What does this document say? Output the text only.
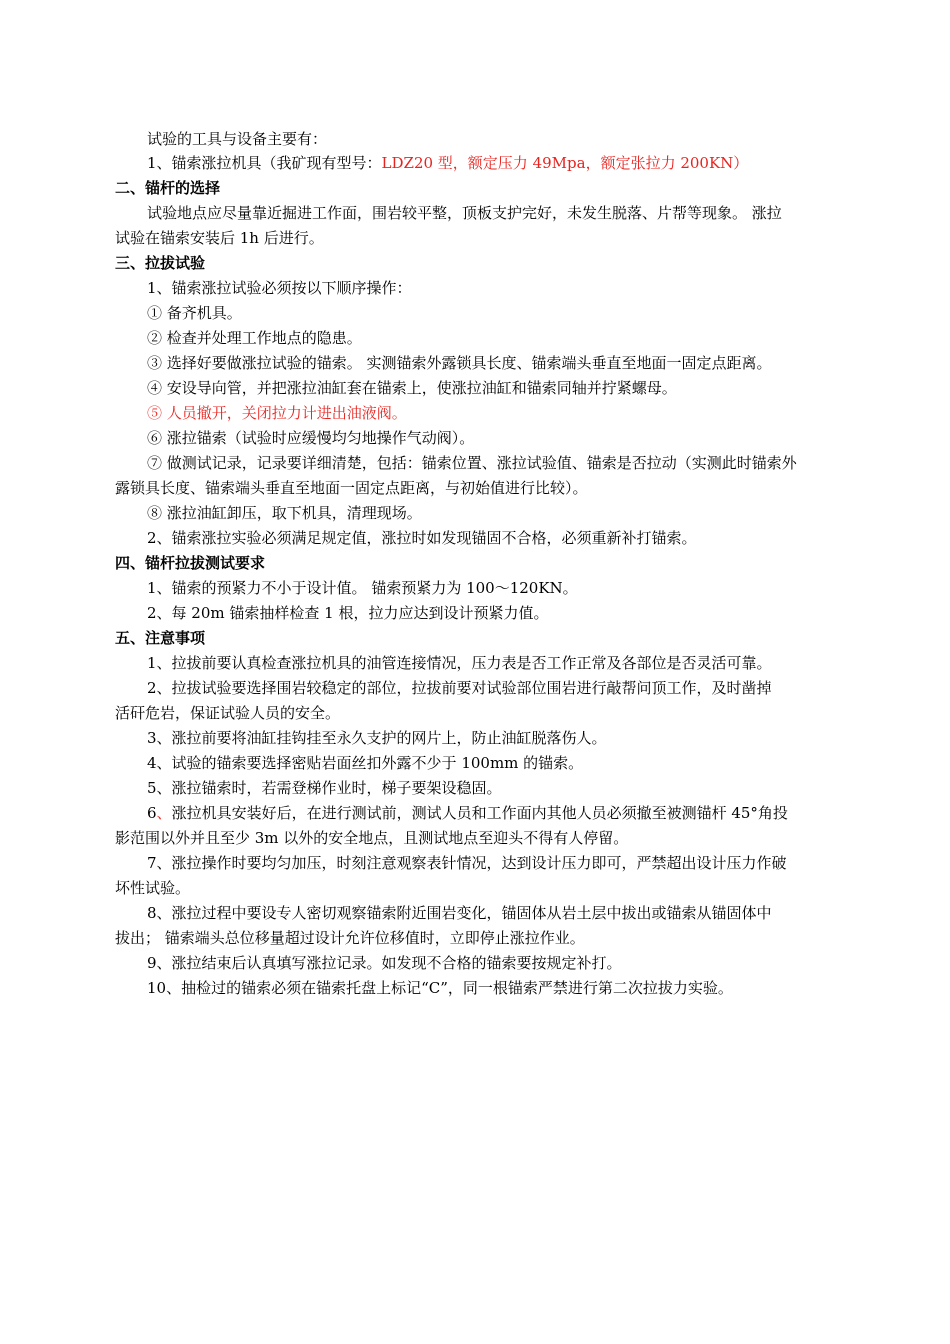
试验的工具与设备主要有：
1、锚索涨拉机具（我矿现有型号：LDZ20 型，额定压力 49Mpa，额定张拉力 200KN）
二、锚杆的选择
试验地点应尽量靠近掘进工作面，围岩较平整，顶板支护完好，未发生脱落、片帮等现象。 涨拉
试验在锚索安装后 1h 后进行。
三、拉拔试验
1、锚索涨拉试验必须按以下顺序操作：
① 备齐机具。
② 检查并处理工作地点的隐患。
③ 选择好要做涨拉试验的锚索。 实测锚索外露锁具长度、锚索端头垂直至地面一固定点距离。
④ 安设导向管，并把涨拉油缸套在锚索上，使涨拉油缸和锚索同轴并拧紧螺母。
⑤ 人员撤开，关闭拉力计进出油液阀。
⑥ 涨拉锚索（试验时应缓慢均匀地操作气动阀）。
⑦ 做测试记录，记录要详细清楚，包括：锚索位置、涨拉试验值、锚索是否拉动（实测此时锚索外
露锁具长度、锚索端头垂直至地面一固定点距离，与初始值进行比较）。
⑧ 涨拉油缸卸压，取下机具，清理现场。
2、锚索涨拉实验必须满足规定值，涨拉时如发现锚固不合格，必须重新补打锚索。
四、锚杆拉拔测试要求
1、锚索的预紧力不小于设计值。 锚索预紧力为 100～120KN。
2、每 20m 锚索抽样检查 1 根，拉力应达到设计预紧力值。
五、注意事项
1、拉拔前要认真检查涨拉机具的油管连接情况，压力表是否工作正常及各部位是否灵活可靠。
2、拉拔试验要选择围岩较稳定的部位，拉拔前要对试验部位围岩进行敲帮问顶工作，及时凿掉
活矸危岩，保证试验人员的安全。
3、涨拉前要将油缸挂钩挂至永久支护的网片上，防止油缸脱落伤人。
4、试验的锚索要选择密贴岩面丝扣外露不少于 100mm 的锚索。
5、涨拉锚索时，若需登梯作业时，梯子要架设稳固。
6、涨拉机具安装好后，在进行测试前，测试人员和工作面内其他人员必须撤至被测锚杆 45°角投
影范围以外并且至少 3m 以外的安全地点，且测试地点至迎头不得有人停留。
7、涨拉操作时要均匀加压，时刻注意观察表针情况，达到设计压力即可，严禁超出设计压力作破
坏性试验。
8、涨拉过程中要设专人密切观察锚索附近围岩变化，锚固体从岩土层中拔出或锚索从锚固体中
拔出； 锚索端头总位移量超过设计允许位移值时，立即停止涨拉作业。
9、涨拉结束后认真填写涨拉记录。如发现不合格的锚索要按规定补打。
10、抽检过的锚索必须在锚索托盘上标记“C”，同一根锚索严禁进行第二次拉拔力实验。
